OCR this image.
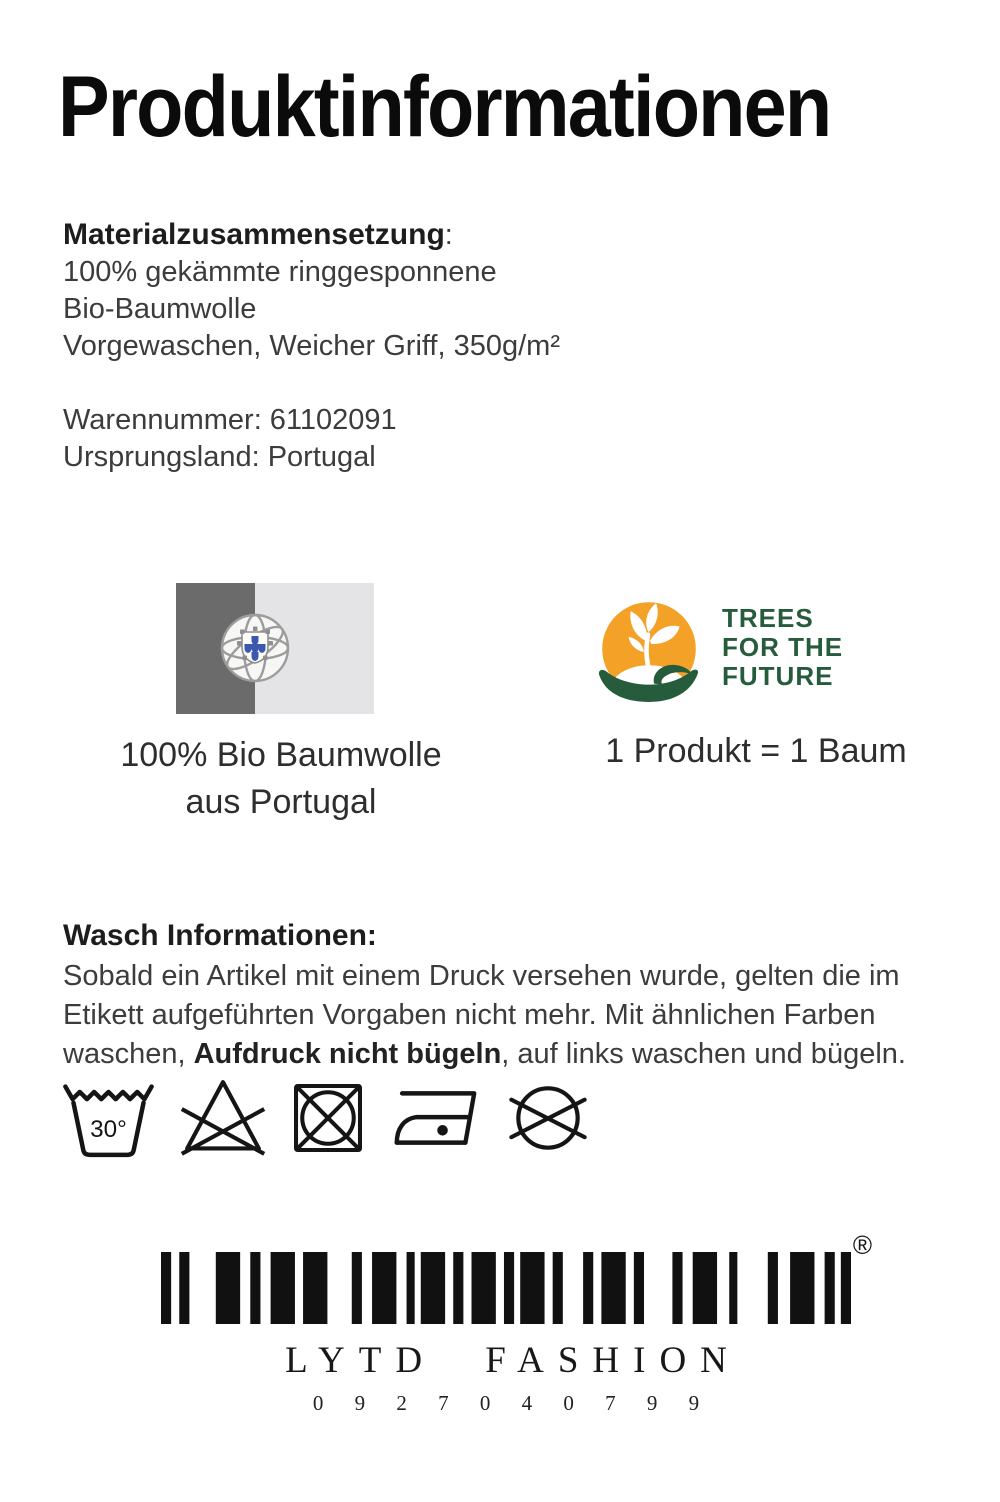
Produktinformationen

Materialzusammensetzung:

100% gekämmte ringgesponnene

Bio-Baumwolle

Vorgewaschen, Weicher Griff, 350g/m²

Warennummer: 61102091

Ursprungsland: Portugal

100% Bio Baumwolle
aus Portugal
TREES
FOR THE
FUTURE
1 Produkt = 1 Baum
Wasch Informationen:

Sobald ein Artikel mit einem Druck versehen wurde, gelten die im

Etikett aufgeführten Vorgaben nicht mehr. Mit ähnlichen Farben

waschen, Aufdruck nicht bügeln, auf links waschen und bügeln.

30°
®
LYTD FASHION
0 9 2 7 0 4 0 7 9 9
